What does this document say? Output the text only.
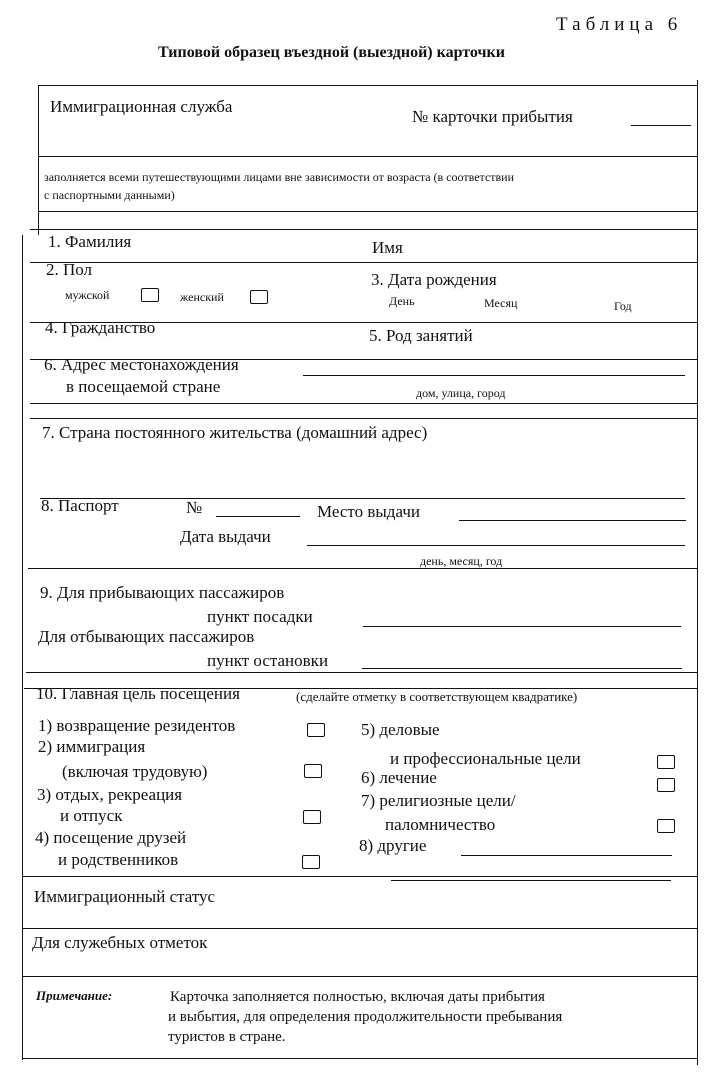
Таблица 6
Типовой образец въездной (выездной) карточки
Иммиграционная служба
№ карточки прибытия
заполняется всеми путешествующими лицами вне зависимости от возраста (в соответствии
с паспортными данными)
1. Фамилия	Имя
2. Пол
мужской	женский
3. Дата рождения
День	Месяц	Год
4. Гражданство	5. Род занятий
6. Адрес местонахождения
в посещаемой стране	дом, улица, город
7. Страна постоянного жительства (домашний адрес)
8. Паспорт	№	Место выдачи
Дата выдачи
день, месяц, год
9. Для прибывающих пассажиров
пункт посадки
Для отбывающих пассажиров
пункт остановки
10. Главная цель посещения	(сделайте отметку в соответствующем квадратике)
1) возвращение резидентов
2) иммиграция
(включая трудовую)
3) отдых, рекреация
и отпуск
4) посещение друзей
и родственников
5) деловые
и профессиональные цели
6) лечение
7) религиозные цели/
паломничество
8) другие
Иммиграционный статус
Для служебных отметок
Примечание:	Карточка заполняется полностью, включая даты прибытия
и выбытия, для определения продолжительности пребывания
туристов в стране.
